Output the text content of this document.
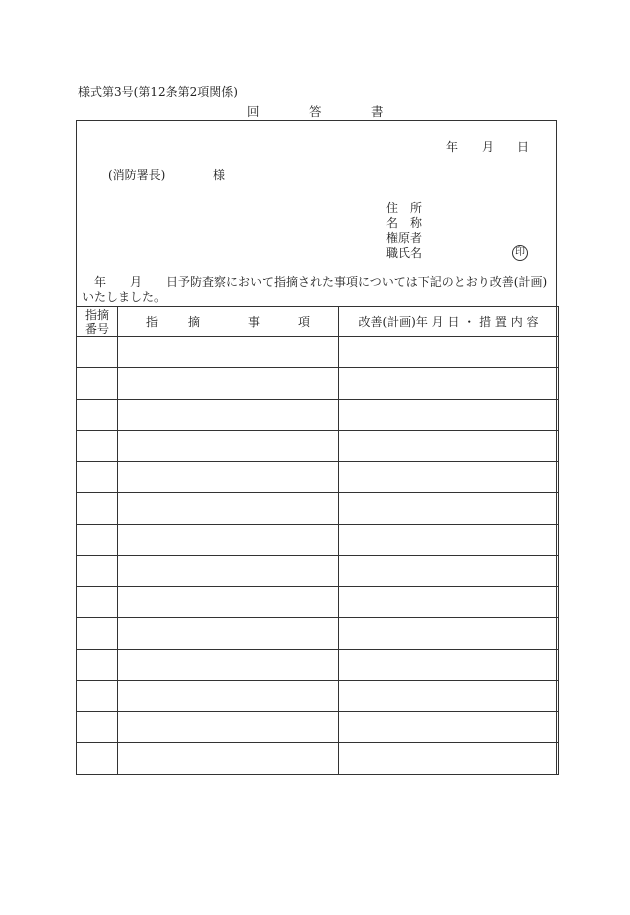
様式第3号(第12条第2項関係)
回	答	書
年 月 日
(消防署長)	様
住　所
名　称
権原者
職氏名	印
　年　　月　　日予防査察において指摘された事項については下記のとおり改善(計画)いたしました。
指摘
番号	指 摘 事 項	改善(計画)年 月 日 ・ 措 置 内 容
